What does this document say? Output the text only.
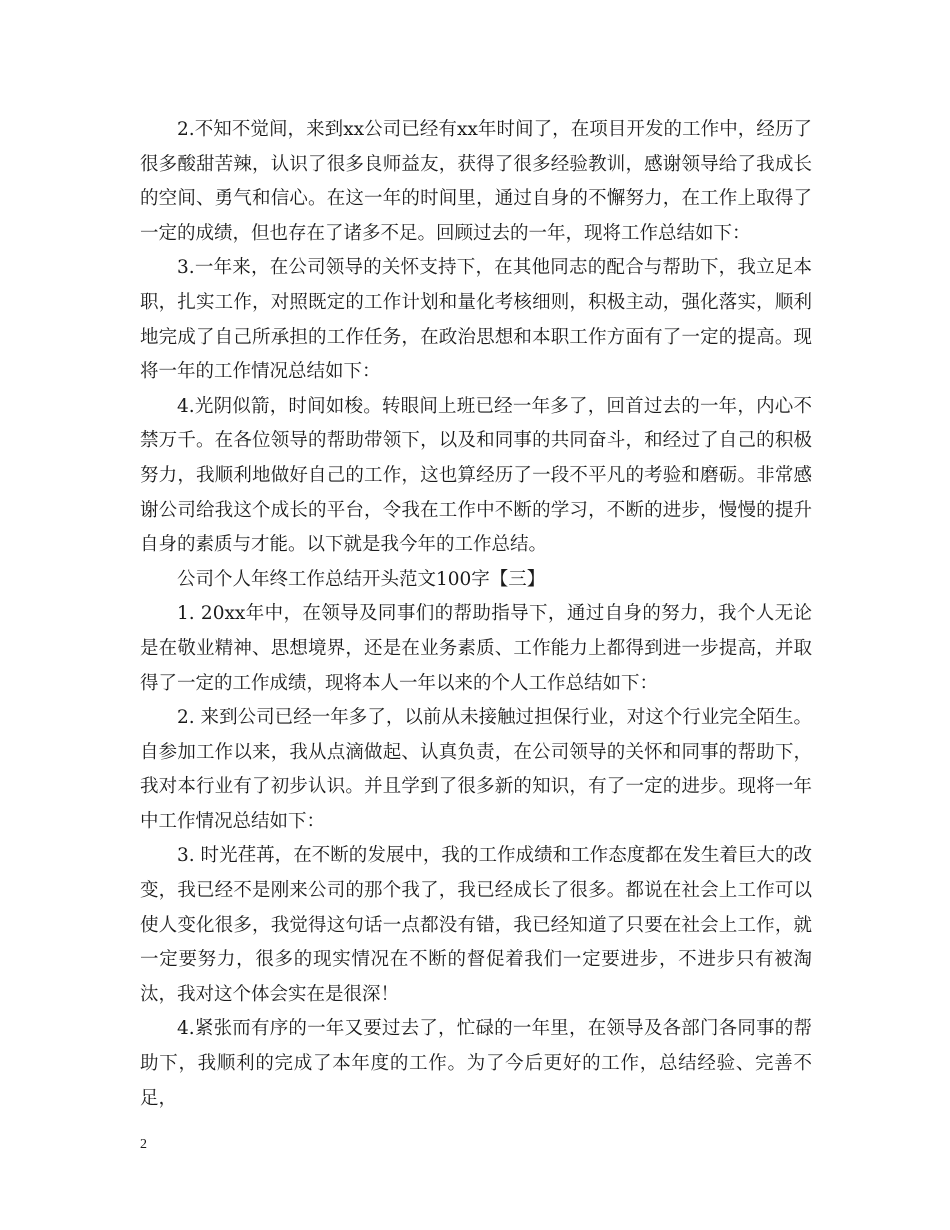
2.不知不觉间，来到xx公司已经有xx年时间了，在项目开发的工作中，经历了很多酸甜苦辣，认识了很多良师益友，获得了很多经验教训，感谢领导给了我成长的空间、勇气和信心。在这一年的时间里，通过自身的不懈努力，在工作上取得了一定的成绩，但也存在了诸多不足。回顾过去的一年，现将工作总结如下：

3.一年来，在公司领导的关怀支持下，在其他同志的配合与帮助下，我立足本职，扎实工作，对照既定的工作计划和量化考核细则，积极主动，强化落实，顺利地完成了自己所承担的工作任务，在政治思想和本职工作方面有了一定的提高。现将一年的工作情况总结如下：

4.光阴似箭，时间如梭。转眼间上班已经一年多了，回首过去的一年，内心不禁万千。在各位领导的帮助带领下，以及和同事的共同奋斗，和经过了自己的积极努力，我顺利地做好自己的工作，这也算经历了一段不平凡的考验和磨砺。非常感谢公司给我这个成长的平台，令我在工作中不断的学习，不断的进步，慢慢的提升自身的素质与才能。以下就是我今年的工作总结。

公司个人年终工作总结开头范文100字【三】

1. 20xx年中，在领导及同事们的帮助指导下，通过自身的努力，我个人无论是在敬业精神、思想境界，还是在业务素质、工作能力上都得到进一步提高，并取得了一定的工作成绩，现将本人一年以来的个人工作总结如下：

2. 来到公司已经一年多了，以前从未接触过担保行业，对这个行业完全陌生。自参加工作以来，我从点滴做起、认真负责，在公司领导的关怀和同事的帮助下，我对本行业有了初步认识。并且学到了很多新的知识，有了一定的进步。现将一年中工作情况总结如下：

3. 时光荏苒，在不断的发展中，我的工作成绩和工作态度都在发生着巨大的改变，我已经不是刚来公司的那个我了，我已经成长了很多。都说在社会上工作可以使人变化很多，我觉得这句话一点都没有错，我已经知道了只要在社会上工作，就一定要努力，很多的现实情况在不断的督促着我们一定要进步，不进步只有被淘汰，我对这个体会实在是很深！

4.紧张而有序的一年又要过去了，忙碌的一年里，在领导及各部门各同事的帮助下，我顺利的完成了本年度的工作。为了今后更好的工作，总结经验、完善不足，

2
